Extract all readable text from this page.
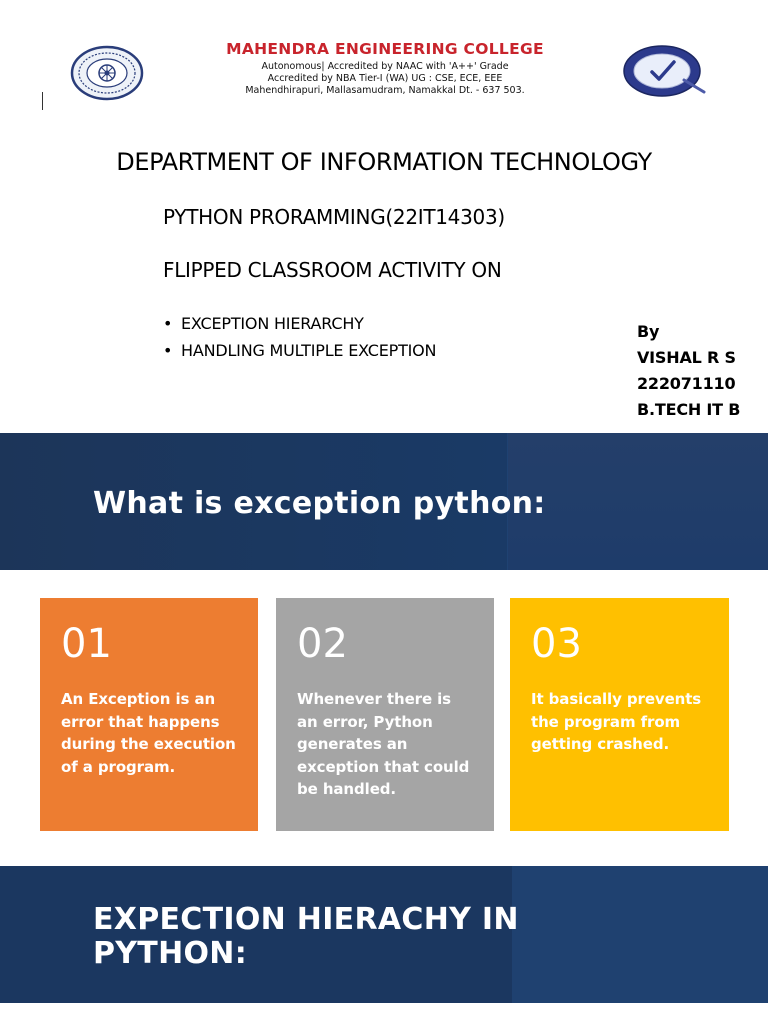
MAHENDRA ENGINEERING COLLEGE
Autonomous| Accredited by NAAC with 'A++' Grade
Accredited by NBA Tier-I (WA) UG : CSE, ECE, EEE
Mahendhirapuri, Mallasamudram, Namakkal Dt. - 637 503.
DEPARTMENT OF INFORMATION TECHNOLOGY
PYTHON PRORAMMING(22IT14303)
FLIPPED CLASSROOM ACTIVITY ON
• EXCEPTION HIERARCHY
• HANDLING MULTIPLE EXCEPTION
By
VISHAL R S
222071110
B.TECH IT B
What is exception python:
01
An Exception is an error that happens during the execution of a program.
02
Whenever there is an error, Python generates an exception that could be handled.
03
It basically prevents the program from getting crashed.
EXPECTION HIERACHY IN PYTHON:
